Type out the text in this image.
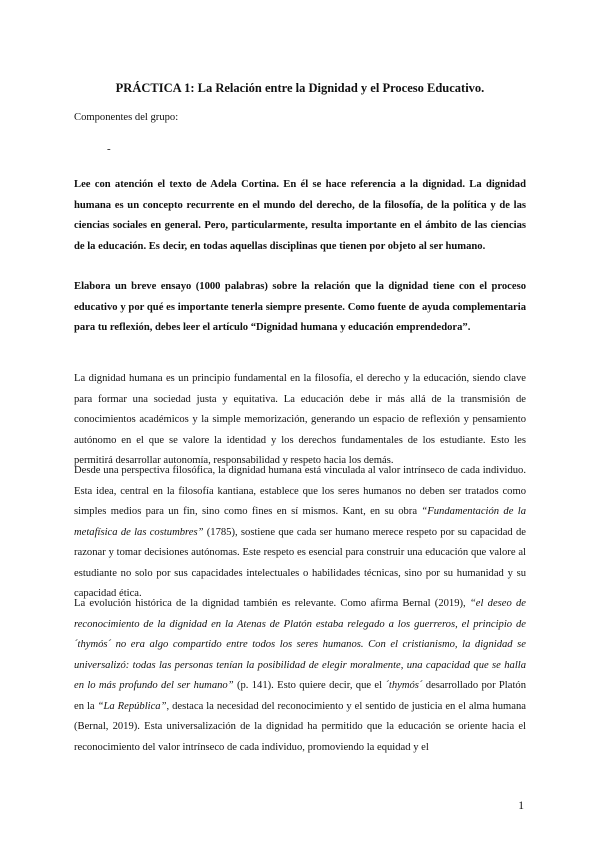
PRÁCTICA 1: La Relación entre la Dignidad y el Proceso Educativo.
Componentes del grupo:
-
Lee con atención el texto de Adela Cortina. En él se hace referencia a la dignidad. La dignidad humana es un concepto recurrente en el mundo del derecho, de la filosofía, de la política y de las ciencias sociales en general. Pero, particularmente, resulta importante en el ámbito de las ciencias de la educación. Es decir, en todas aquellas disciplinas que tienen por objeto al ser humano.
Elabora un breve ensayo (1000 palabras) sobre la relación que la dignidad tiene con el proceso educativo y por qué es importante tenerla siempre presente. Como fuente de ayuda complementaria para tu reflexión, debes leer el artículo “Dignidad humana y educación emprendedora”.
La dignidad humana es un principio fundamental en la filosofía, el derecho y la educación, siendo clave para formar una sociedad justa y equitativa. La educación debe ir más allá de la transmisión de conocimientos académicos y la simple memorización, generando un espacio de reflexión y pensamiento autónomo en el que se valore la identidad y los derechos fundamentales de los estudiante. Esto les permitirá desarrollar autonomía, responsabilidad y respeto hacia los demás.
Desde una perspectiva filosófica, la dignidad humana está vinculada al valor intrínseco de cada individuo. Esta idea, central en la filosofía kantiana, establece que los seres humanos no deben ser tratados como simples medios para un fin, sino como fines en sí mismos. Kant, en su obra “Fundamentación de la metafísica de las costumbres” (1785), sostiene que cada ser humano merece respeto por su capacidad de razonar y tomar decisiones autónomas. Este respeto es esencial para construir una educación que valore al estudiante no solo por sus capacidades intelectuales o habilidades técnicas, sino por su humanidad y su capacidad ética.
La evolución histórica de la dignidad también es relevante. Como afirma Bernal (2019), “el deseo de reconocimiento de la dignidad en la Atenas de Platón estaba relegado a los guerreros, el principio de ´thymós´ no era algo compartido entre todos los seres humanos. Con el cristianismo, la dignidad se universalizó: todas las personas tenían la posibilidad de elegir moralmente, una capacidad que se halla en lo más profundo del ser humano” (p. 141). Esto quiere decir, que el ´thymós´ desarrollado por Platón en la “La República”, destaca la necesidad del reconocimiento y el sentido de justicia en el alma humana (Bernal, 2019). Esta universalización de la dignidad ha permitido que la educación se oriente hacia el reconocimiento del valor intrínseco de cada individuo, promoviendo la equidad y el
1
